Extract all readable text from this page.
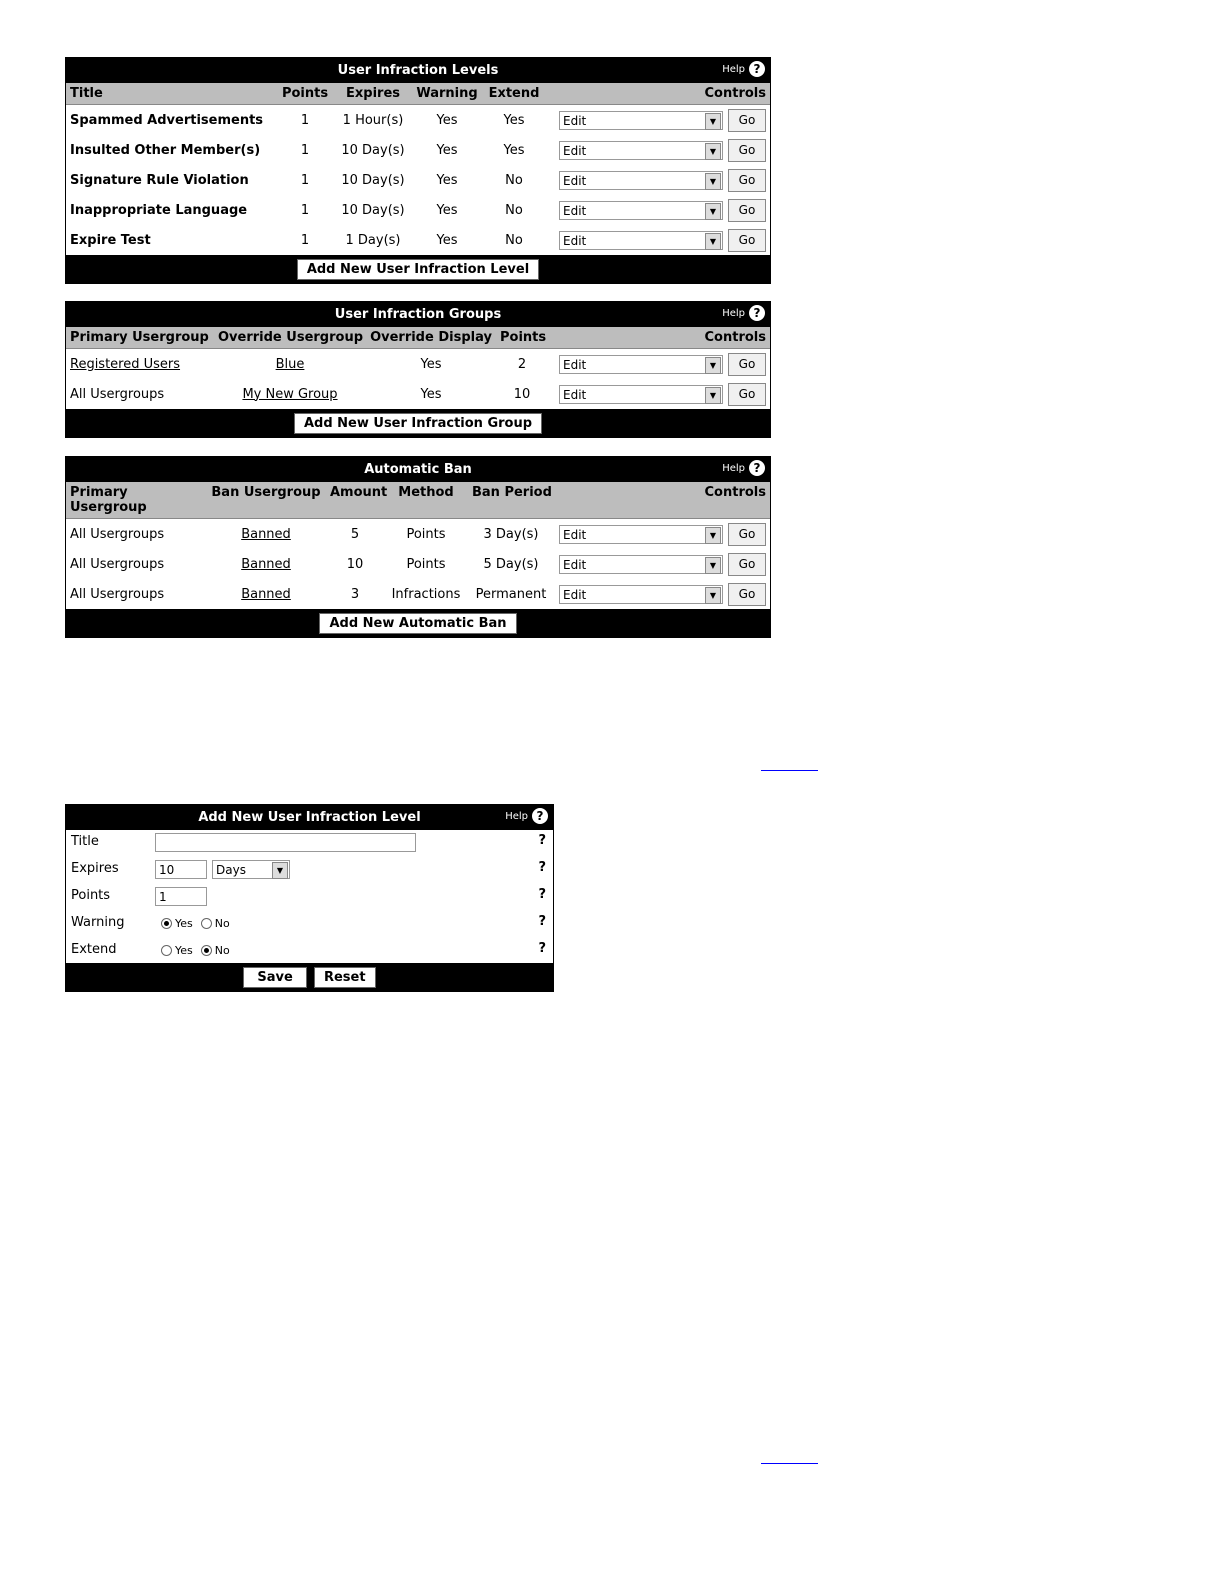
User Infraction Levels	Help ?
Title	Points	Expires	Warning	Extend	Controls
Spammed Advertisements	1	1 Hour(s)	Yes	Yes	Edit ▼ Go
Insulted Other Member(s)	1	10 Day(s)	Yes	Yes	Edit ▼ Go
Signature Rule Violation	1	10 Day(s)	Yes	No	Edit ▼ Go
Inappropriate Language	1	10 Day(s)	Yes	No	Edit ▼ Go
Expire Test	1	1 Day(s)	Yes	No	Edit ▼ Go
Add New User Infraction Level
User Infraction Groups	Help ?
Primary Usergroup	Override Usergroup	Override Display	Points	Controls
Registered Users	Blue	Yes	2	Edit ▼ Go
All Usergroups	My New Group	Yes	10	Edit ▼ Go
Add New User Infraction Group
Automatic Ban	Help ?
Primary Usergroup	Ban Usergroup	Amount	Method	Ban Period	Controls
All Usergroups	Banned	5	Points	3 Day(s)	Edit ▼ Go
All Usergroups	Banned	10	Points	5 Day(s)	Edit ▼ Go
All Usergroups	Banned	3	Infractions	Permanent	Edit ▼ Go
Add New Automatic Ban
Add New User Infraction Level	Help ?
Title	?
Expires	10	Days	▼	?
Points	1	?
Warning	Yes No	?
Extend	Yes No	?
Save Reset
